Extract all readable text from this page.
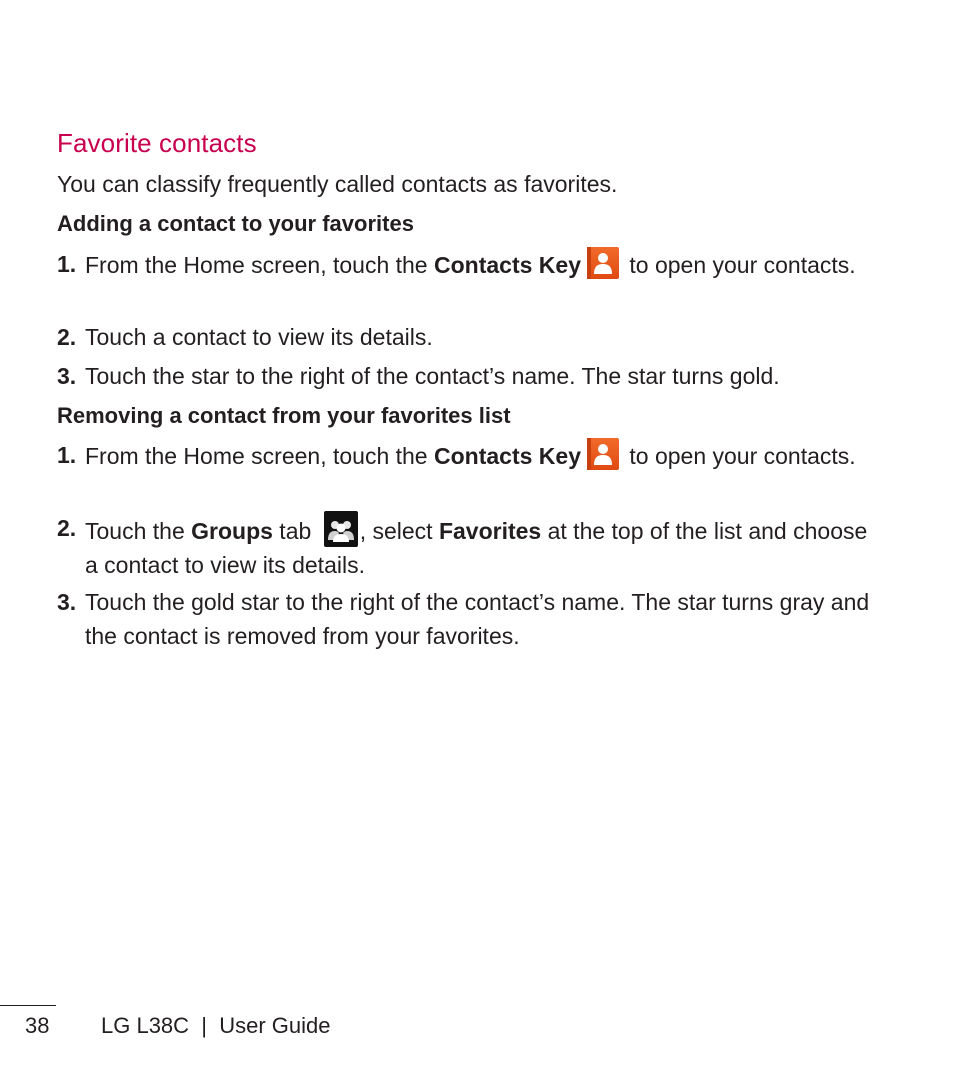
Favorite contacts

You can classify frequently called contacts as favorites.

Adding a contact to your favorites
1. From the Home screen, touch the Contacts Key
to open your contacts.
2. Touch a contact to view its details.
3. Touch the star to the right of the contact’s name. The star turns gold.
Removing a contact from your favorites list
1. From the Home screen, touch the Contacts Key
to open your contacts.
2. Touch the Groups tab
, select Favorites at the top of the list and choose a contact to view its details.
3. Touch the gold star to the right of the contact’s name. The star turns gray and the contact is removed from your favorites.
38 LG L38C  |  User Guide
